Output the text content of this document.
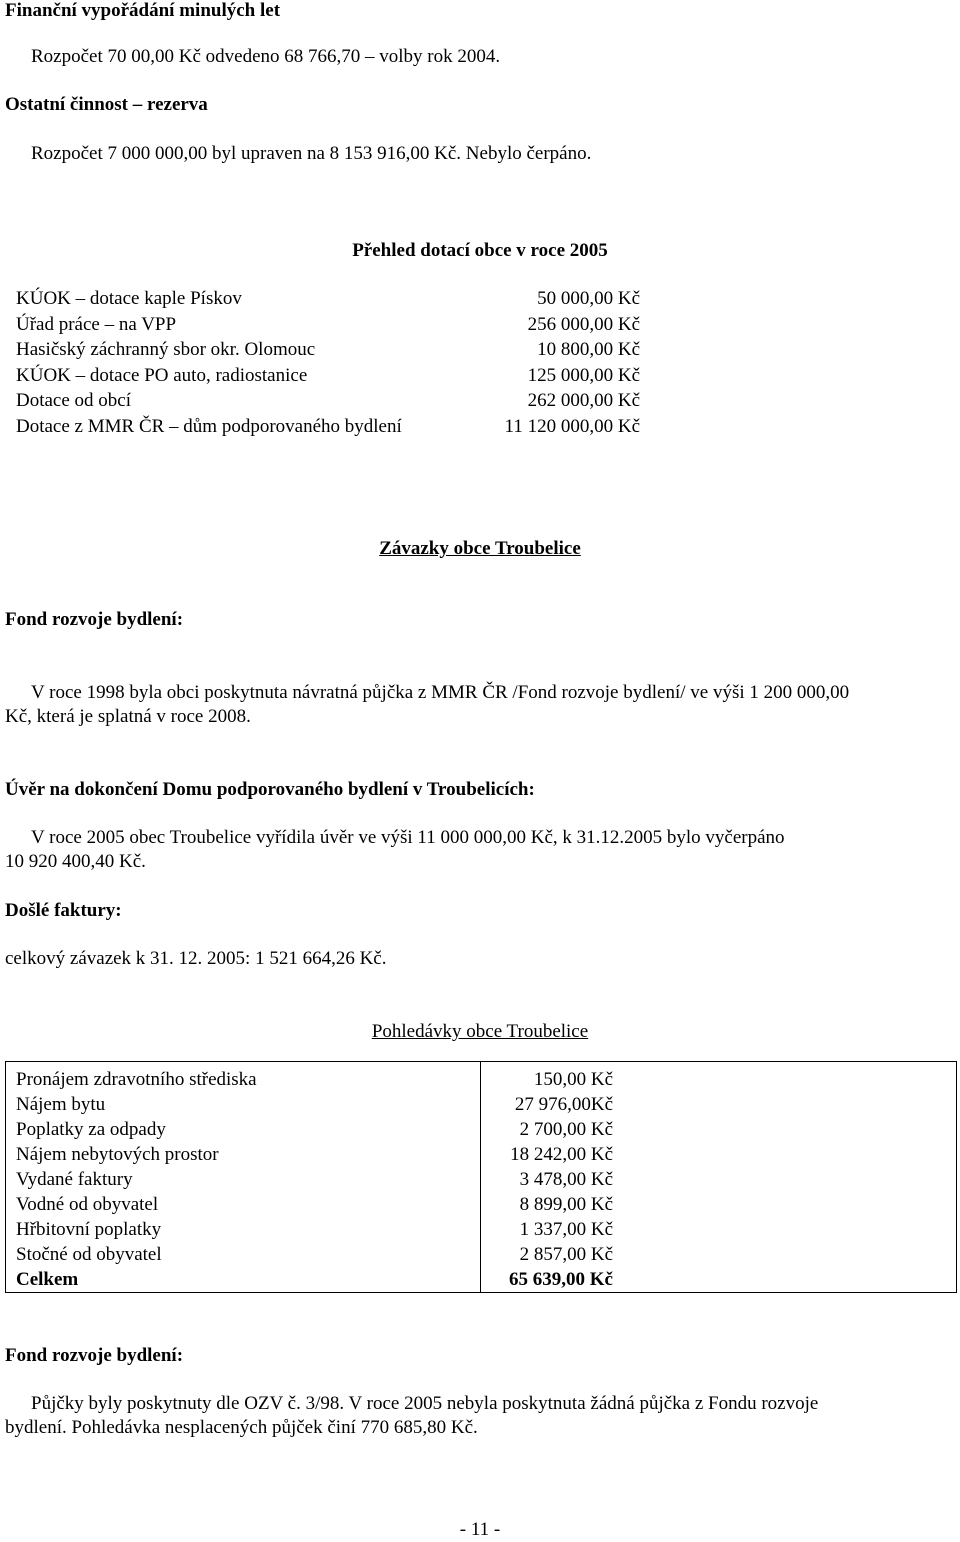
Finanční vypořádání minulých let
Rozpočet 70 00,00 Kč odvedeno 68 766,70 – volby rok 2004.
Ostatní činnost – rezerva
Rozpočet 7 000 000,00 byl upraven na 8 153 916,00 Kč. Nebylo čerpáno.
Přehled dotací obce v roce 2005
KÚOK – dotace kaple Pískov	50 000,00 Kč
Úřad práce – na VPP	256 000,00 Kč
Hasičský záchranný sbor okr. Olomouc	10 800,00 Kč
KÚOK – dotace PO auto, radiostanice	125 000,00 Kč
Dotace od obcí	262 000,00 Kč
Dotace z MMR ČR – dům podporovaného bydlení	11 120 000,00 Kč
Závazky obce Troubelice
Fond rozvoje bydlení:
V roce 1998 byla obci poskytnuta návratná půjčka z MMR ČR /Fond rozvoje bydlení/ ve výši 1 200 000,00
Kč, která je splatná v roce 2008.
Úvěr na dokončení Domu podporovaného bydlení v Troubelicích:
V roce 2005 obec Troubelice vyřídila úvěr ve výši 11 000 000,00 Kč, k 31.12.2005 bylo vyčerpáno
10 920 400,40 Kč.
Došlé faktury:
celkový závazek k 31. 12. 2005: 1 521 664,26 Kč.
Pohledávky obce Troubelice
Pronájem zdravotního střediska	150,00 Kč
Nájem bytu	27 976,00Kč
Poplatky za odpady	2 700,00 Kč
Nájem nebytových prostor	18 242,00 Kč
Vydané faktury	3 478,00 Kč
Vodné od obyvatel	8 899,00 Kč
Hřbitovní poplatky	1 337,00 Kč
Stočné od obyvatel	2 857,00 Kč
Celkem	65 639,00 Kč
Fond rozvoje bydlení:
Půjčky byly poskytnuty dle OZV č. 3/98. V roce 2005 nebyla poskytnuta žádná půjčka z Fondu rozvoje
bydlení. Pohledávka nesplacených půjček činí 770 685,80 Kč.
- 11 -
